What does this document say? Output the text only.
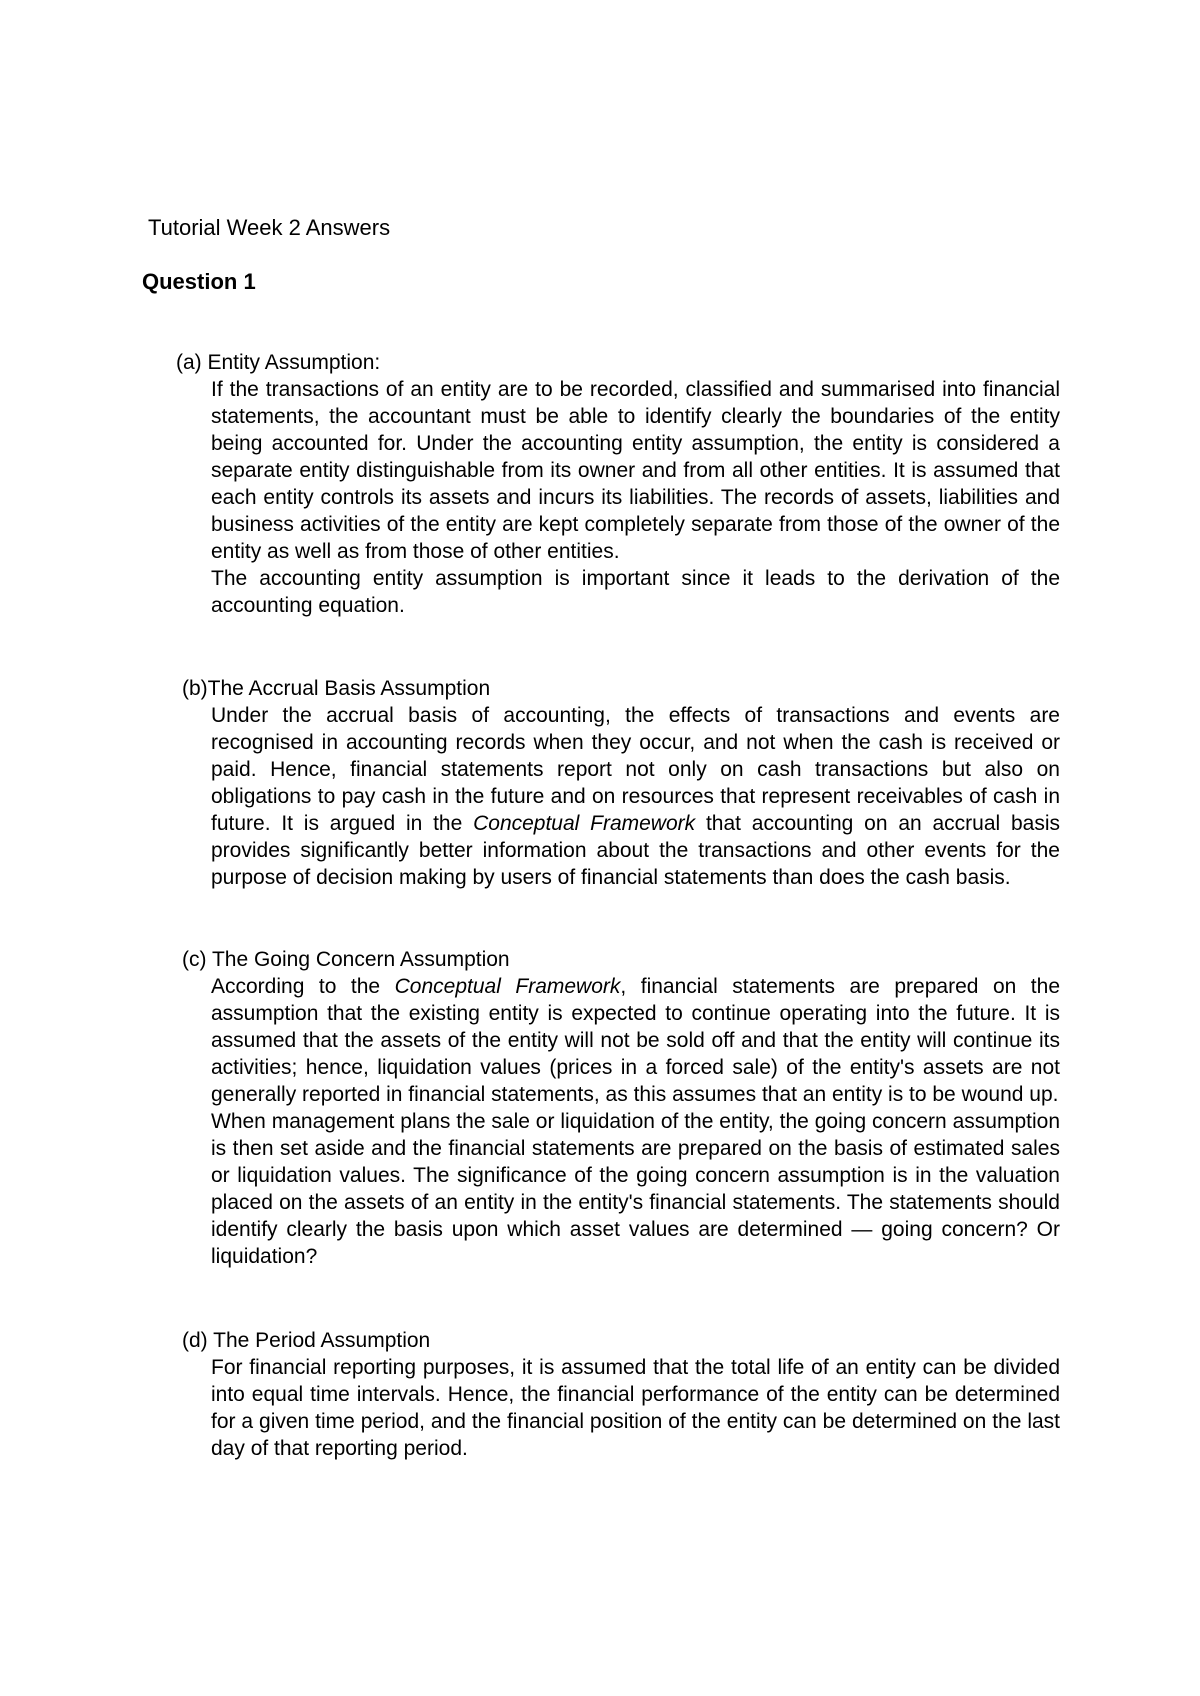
Tutorial Week 2 Answers
Question 1
(a) Entity Assumption:

If the transactions of an entity are to be recorded, classified and summarised into financial statements, the accountant must be able to identify clearly the boundaries of the entity being accounted for. Under the accounting entity assumption, the entity is considered a separate entity distinguishable from its owner and from all other entities. It is assumed that each entity controls its assets and incurs its liabilities. The records of assets, liabilities and business activities of the entity are kept completely separate from those of the owner of the entity as well as from those of other entities.

The accounting entity assumption is important since it leads to the derivation of the accounting equation.

(b)The Accrual Basis Assumption

Under the accrual basis of accounting, the effects of transactions and events are recognised in accounting records when they occur, and not when the cash is received or paid. Hence, financial statements report not only on cash transactions but also on obligations to pay cash in the future and on resources that represent receivables of cash in future. It is argued in the Conceptual Framework that accounting on an accrual basis provides significantly better information about the transactions and other events for the purpose of decision making by users of financial statements than does the cash basis.

(c) The Going Concern Assumption

According to the Conceptual Framework, financial statements are prepared on the assumption that the existing entity is expected to continue operating into the future. It is assumed that the assets of the entity will not be sold off and that the entity will continue its activities; hence, liquidation values (prices in a forced sale) of the entity's assets are not generally reported in financial statements, as this assumes that an entity is to be wound up.

When management plans the sale or liquidation of the entity, the going concern assumption is then set aside and the financial statements are prepared on the basis of estimated sales or liquidation values. The significance of the going concern assumption is in the valuation placed on the assets of an entity in the entity's financial statements. The statements should identify clearly the basis upon which asset values are determined — going concern? Or liquidation?

(d) The Period Assumption

For financial reporting purposes, it is assumed that the total life of an entity can be divided into equal time intervals. Hence, the financial performance of the entity can be determined for a given time period, and the financial position of the entity can be determined on the last day of that reporting period.
